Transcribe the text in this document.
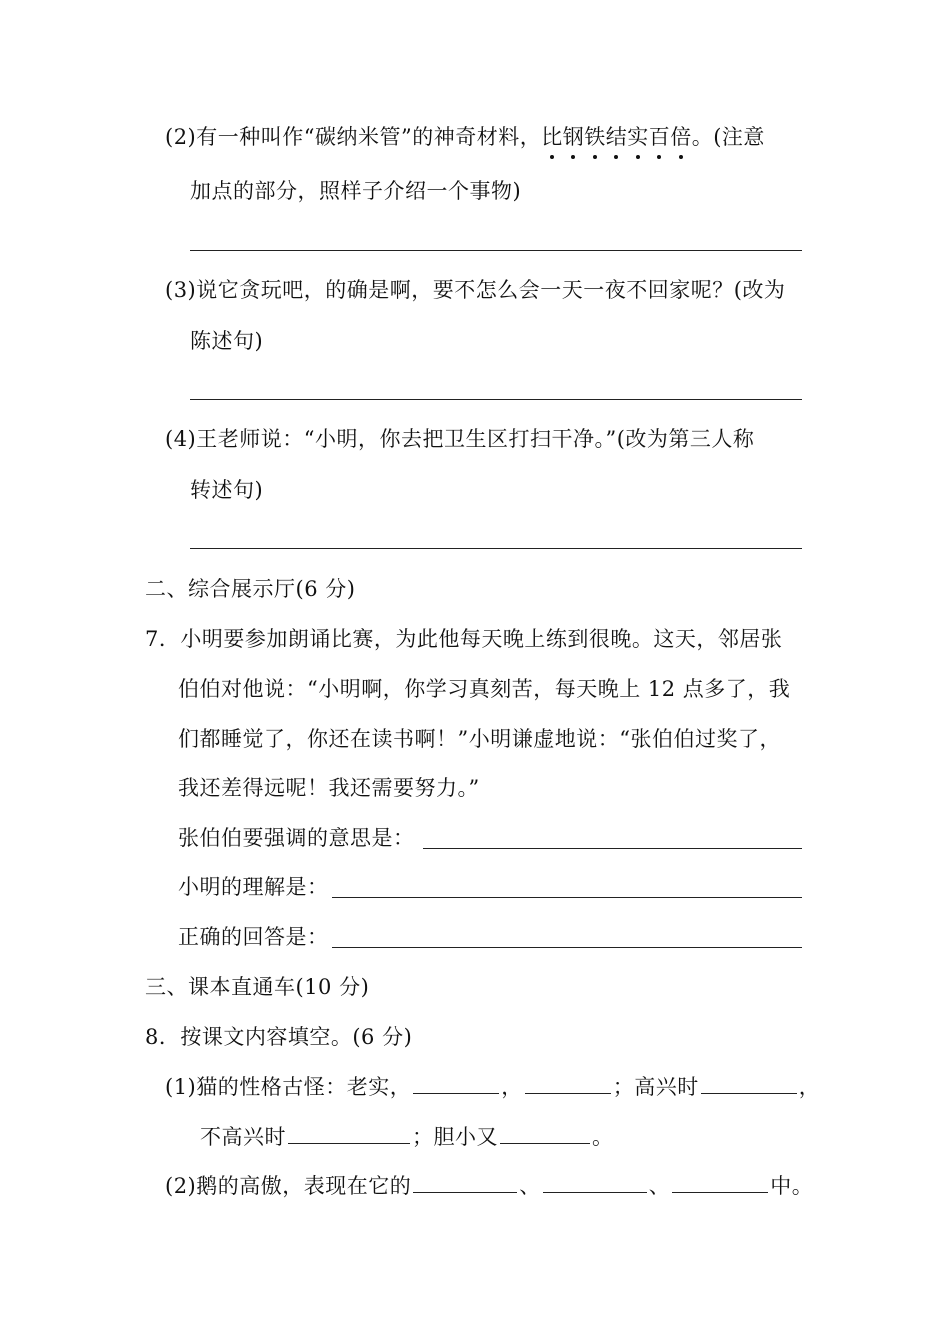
(2)有一种叫作“碳纳米管”的神奇材料，比钢铁结实百倍。(注意
加点的部分，照样子介绍一个事物)
(3)说它贪玩吧，的确是啊，要不怎么会一天一夜不回家呢？(改为
陈述句)
(4)王老师说：“小明，你去把卫生区打扫干净。”(改为第三人称
转述句)
二、综合展示厅(6 分)
7．小明要参加朗诵比赛，为此他每天晚上练到很晚。这天，邻居张
伯伯对他说：“小明啊，你学习真刻苦，每天晚上 12 点多了，我
们都睡觉了，你还在读书啊！”小明谦虚地说：“张伯伯过奖了，
我还差得远呢！我还需要努力。”
张伯伯要强调的意思是：
小明的理解是：
正确的回答是：
三、课本直通车(10 分)
8．按课文内容填空。(6 分)
(1)猫的性格古怪：老实，	，	；高兴时	，
不高兴时	；胆小又	。
(2)鹅的高傲，表现在它的	、	、	中。
